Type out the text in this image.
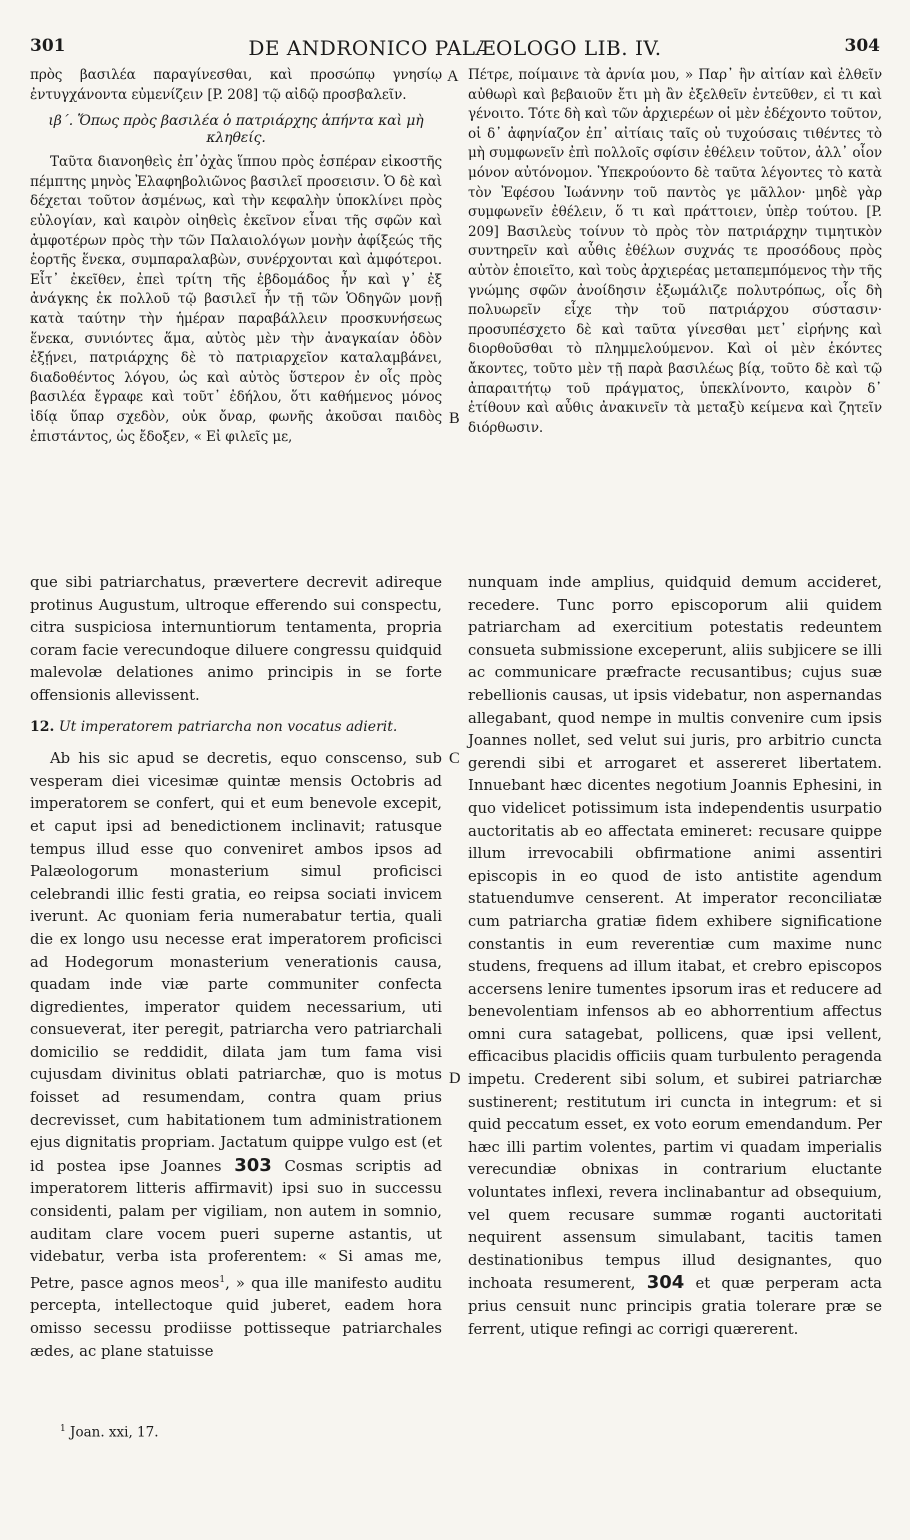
301	DE ANDRONICO PALÆOLOGO LIB. IV.	304

πρὸς βασιλέα παραγίνεσθαι, καὶ προσώπῳ γνησίῳ ἐντυγχάνοντα εὐμενίζειν [P. 208] τῷ αἰδῷ προσβαλεῖν.

ιβ΄. Ὅπως πρὸς βασιλέα ὁ πατριάρχης ἀπήντα καὶ μὴ κληθείς.

Ταῦτα διανοηθεὶς ἐπ᾽ὀχὰς ἵππου πρὸς ἑσπέραν εἰκοστῆς πέμπτης μηνὸς Ἐλαφηβολιῶνος βασιλεῖ προσεισιν. Ὁ δὲ καὶ δέχεται τοῦτον ἀσμένως, καὶ τὴν κεφαλὴν ὑποκλίνει πρὸς εὐλογίαν, καὶ καιρὸν οἰηθεὶς ἐκεῖνον εἶναι τῆς σφῶν καὶ ἀμφοτέρων πρὸς τὴν τῶν Παλαιολόγων μονὴν ἀφίξεώς τῆς ἑορτῆς ἕνεκα, συμπαραλαβὼν, συνέρχονται καὶ ἀμφότεροι. Εἶτ᾽ ἐκεῖθεν, ἐπεὶ τρίτη τῆς ἑβδομάδος ἦν καὶ γ᾽ ἐξ ἀνάγκης ἐκ πολλοῦ τῷ βασιλεῖ ἦν τῇ τῶν Ὁδηγῶν μονῇ κατὰ ταύτην τὴν ἡμέραν παραβάλλειν προσκυνήσεως ἕνεκα, συνιόντες ἅμα, αὐτὸς μὲν τὴν ἀναγκαίαν ὁδὸν ἐξῄνει, πατριάρχης δὲ τὸ πατριαρχεῖον καταλαμβάνει, διαδοθέντος λόγου, ὡς καὶ αὐτὸς ὕστερον ἐν οἷς πρὸς βασιλέα ἔγραφε καὶ τοῦτ᾽ ἐδήλου, ὅτι καθήμενος μόνος ἰδίᾳ ὕπαρ σχεδὸν, οὐκ ὄναρ, φωνῆς ἀκοῦσαι παιδὸς ἐπιστάντος, ὡς ἔδοξεν, « Εἰ φιλεῖς με,

Πέτρε, ποίμαινε τὰ ἀρνία μου, » Παρ᾽ ἣν αἰτίαν καὶ ἐλθεῖν αὐθωρὶ καὶ βεβαιοῦν ἔτι μὴ ἂν ἐξελθεῖν ἐντεῦθεν, εἰ τι καὶ γένοιτο. Τότε δὴ καὶ τῶν ἀρχιερέων οἱ μὲν ἐδέχοντο τοῦτον, οἱ δ᾽ ἀφηνίαζον ἐπ᾽ αἰτίαις ταῖς οὐ τυχούσαις τιθέντες τὸ μὴ συμφωνεῖν ἐπὶ πολλοῖς σφίσιν ἐθέλειν τοῦτον, ἀλλ᾽ οἷον μόνον αὐτόνομον. Ὑπεκρούοντο δὲ ταῦτα λέγοντες τὸ κατὰ τὸν Ἐφέσου Ἰωάννην τοῦ παντὸς γε μᾶλλον· μηδὲ γὰρ συμφωνεῖν ἐθέλειν, ὅ τι καὶ πράττοιεν, ὑπὲρ τούτου. [P. 209] Βασιλεὺς τοίνυν τὸ πρὸς τὸν πατριάρχην τιμητικὸν συντηρεῖν καὶ αὖθις ἐθέλων συχνάς τε προσόδους πρὸς αὐτὸν ἐποιεῖτο, καὶ τοὺς ἀρχιερέας μεταπεμπόμενος τὴν τῆς γνώμης σφῶν ἀνοίδησιν ἐξωμάλιζε πολυτρόπως, οἷς δὴ πολυωρεῖν εἶχε τὴν τοῦ πατριάρχου σύστασιν· προσυπέσχετο δὲ καὶ ταῦτα γίνεσθαι μετ᾽ εἰρήνης καὶ διορθοῦσθαι τὸ πλημμελούμενον. Καὶ οἱ μὲν ἑκόντες ἄκοντες, τοῦτο μὲν τῇ παρὰ βασιλέως βίᾳ, τοῦτο δὲ καὶ τῷ ἀπαραιτήτῳ τοῦ πράγματος, ὑπεκλίνοντο, καιρὸν δ᾽ ἐτίθουν καὶ αὖθις ἀνακινεῖν τὰ μεταξὺ κείμενα καὶ ζητεῖν διόρθωσιν.

que sibi patriarchatus, prævertere decrevit adireque protinus Augustum, ultroque efferendo sui conspectu, citra suspiciosa internuntiorum tentamenta, propria coram facie verecundoque diluere congressu quidquid malevolæ delationes animo principis in se forte offensionis allevissent.

12. Ut imperatorem patriarcha non vocatus adierit.

Ab his sic apud se decretis, equo conscenso, sub vesperam diei vicesimæ quintæ mensis Octobris ad imperatorem se confert, qui et eum benevole excepit, et caput ipsi ad benedictionem inclinavit; ratusque tempus illud esse quo conveniret ambos ipsos ad Palæologorum monasterium simul proficisci celebrandi illic festi gratia, eo reipsa sociati invicem iverunt. Ac quoniam feria numerabatur tertia, quali die ex longo usu necesse erat imperatorem proficisci ad Hodegorum monasterium venerationis causa, quadam inde viæ parte communiter confecta digredientes, imperator quidem necessarium, uti consueverat, iter peregit, patriarcha vero patriarchali domicilio se reddidit, dilata jam tum fama visi cujusdam divinitus oblati patriarchæ, quo is motus foisset ad resumendam, contra quam prius decrevisset, cum habitationem tum administrationem ejus dignitatis propriam. Jactatum quippe vulgo est (et id postea ipse Joannes 303 Cosmas scriptis ad imperatorem litteris affirmavit) ipsi suo in successu considenti, palam per vigiliam, non autem in somnio, auditam clare vocem pueri superne astantis, ut videbatur, verba ista proferentem: « Si amas me, Petre, pasce agnos meos$^1$, » qua ille manifesto auditu percepta, intellectoque quid juberet, eadem hora omisso secessu prodiisse pottisseque patriarchales ædes, ac plane statuisse

nunquam inde amplius, quidquid demum accideret, recedere. Tunc porro episcoporum alii quidem patriarcham ad exercitium potestatis redeuntem consueta submissione exceperunt, aliis subjicere se illi ac communicare præfracte recusantibus; cujus suæ rebellionis causas, ut ipsis videbatur, non aspernandas allegabant, quod nempe in multis convenire cum ipsis Joannes nollet, sed velut sui juris, pro arbitrio cuncta gerendi sibi et arrogaret et assereret libertatem. Innuebant hæc dicentes negotium Joannis Ephesini, in quo videlicet potissimum ista independentis usurpatio auctoritatis ab eo affectata emineret: recusare quippe illum irrevocabili obfirmatione animi assentiri episcopis in eo quod de isto antistite agendum statuendumve censerent. At imperator reconciliatæ cum patriarcha gratiæ fidem exhibere significatione constantis in eum reverentiæ cum maxime nunc studens, frequens ad illum itabat, et crebro episcopos accersens lenire tumentes ipsorum iras et reducere ad benevolentiam infensos ab eo abhorrentium affectus omni cura satagebat, pollicens, quæ ipsi vellent, efficacibus placidis officiis quam turbulento peragenda impetu. Crederent sibi solum, et subirei patriarchæ sustinerent; restitutum iri cuncta in integrum: et si quid peccatum esset, ex voto eorum emendandum. Per hæc illi partim volentes, partim vi quadam imperialis verecundiæ obnixas in contrarium eluctante voluntates inflexi, revera inclinabantur ad obsequium, vel quem recusare summæ roganti auctoritati nequirent assensum simulabant, tacitis tamen destinationibus tempus illud designantes, quo inchoata resumerent, 304 et quæ perperam acta prius censuit nunc principis gratia tolerare præ se ferrent, utique refingi ac corrigi quærerent.

A
B
C
D
$^1$ Joan. xxi, 17.
